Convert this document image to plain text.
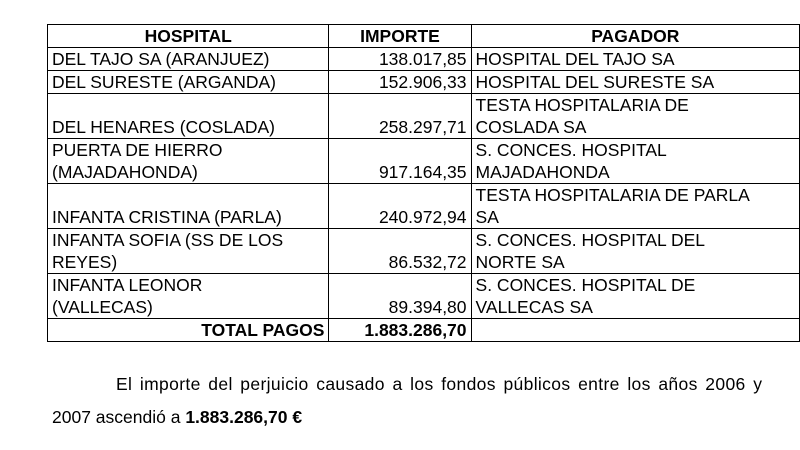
HOSPITAL	IMPORTE	PAGADOR

DEL TAJO SA (ARANJUEZ)	138.017,85	HOSPITAL DEL TAJO SA

DEL SURESTE (ARGANDA)	152.906,33	HOSPITAL DEL SURESTE SA

DEL HENARES (COSLADA)	258.297,71	TESTA HOSPITALARIA DE
COSLADA SA

PUERTA DE HIERRO
(MAJADAHONDA)	917.164,35	S. CONCES. HOSPITAL
MAJADAHONDA

INFANTA CRISTINA (PARLA)	240.972,94	TESTA HOSPITALARIA DE PARLA
SA

INFANTA SOFIA (SS DE LOS
REYES)	86.532,72	S. CONCES. HOSPITAL DEL
NORTE SA

INFANTA LEONOR
(VALLECAS)	89.394,80	S. CONCES. HOSPITAL DE
VALLECAS SA

TOTAL PAGOS	1.883.286,70	

El importe del perjuicio causado a los fondos públicos entre los años 2006 y

2007 ascendió a 1.883.286,70 €
